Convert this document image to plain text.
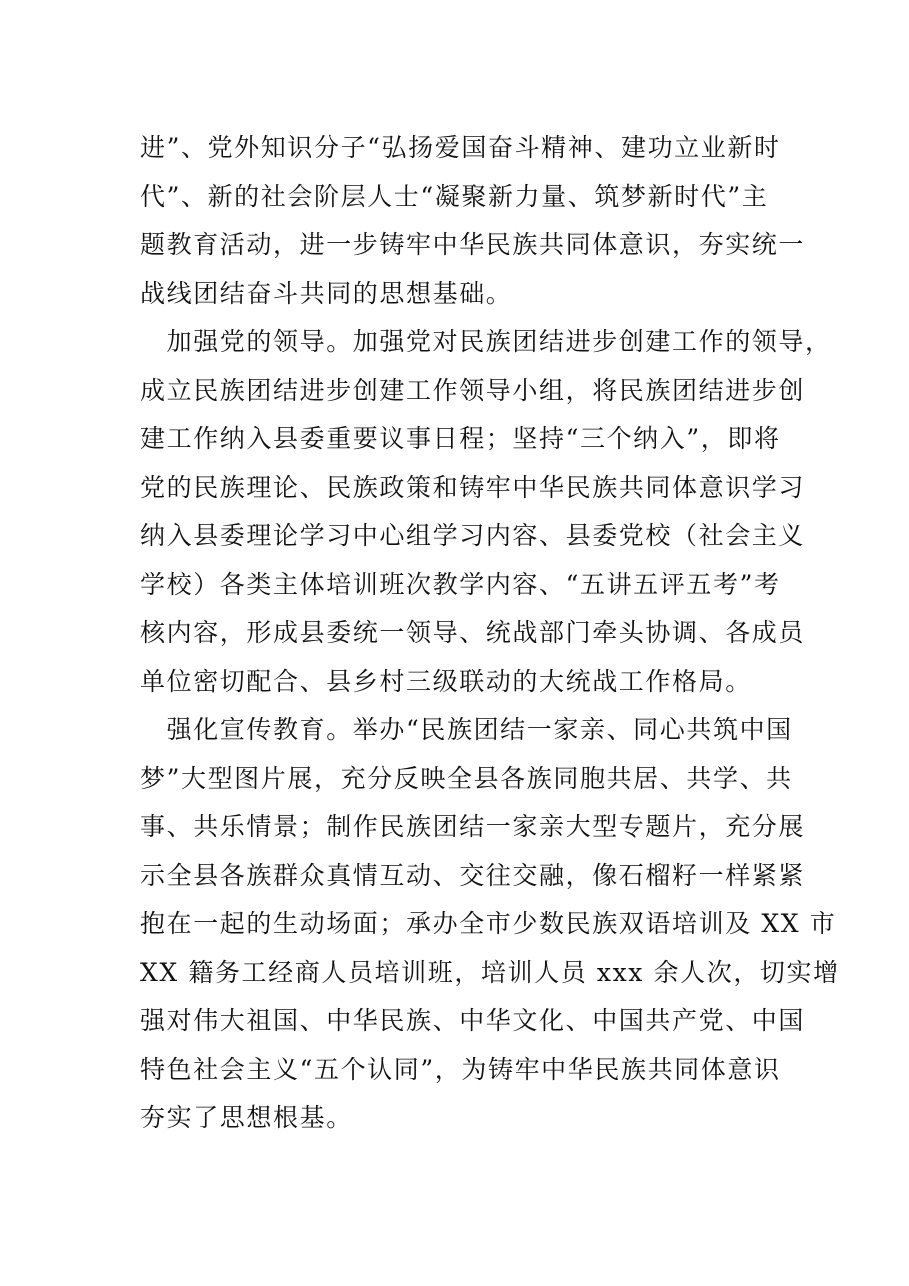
进”、党外知识分子“弘扬爱国奋斗精神、建功立业新时
代”、新的社会阶层人士“凝聚新力量、筑梦新时代”主
题教育活动，进一步铸牢中华民族共同体意识，夯实统一
战线团结奋斗共同的思想基础。
　加强党的领导。加强党对民族团结进步创建工作的领导，
成立民族团结进步创建工作领导小组，将民族团结进步创
建工作纳入县委重要议事日程；坚持“三个纳入”，即将
党的民族理论、民族政策和铸牢中华民族共同体意识学习
纳入县委理论学习中心组学习内容、县委党校（社会主义
学校）各类主体培训班次教学内容、“五讲五评五考”考
核内容，形成县委统一领导、统战部门牵头协调、各成员
单位密切配合、县乡村三级联动的大统战工作格局。
　强化宣传教育。举办“民族团结一家亲、同心共筑中国
梦”大型图片展，充分反映全县各族同胞共居、共学、共
事、共乐情景；制作民族团结一家亲大型专题片，充分展
示全县各族群众真情互动、交往交融，像石榴籽一样紧紧
抱在一起的生动场面；承办全市少数民族双语培训及 XX 市
XX 籍务工经商人员培训班，培训人员 xxx 余人次，切实增
强对伟大祖国、中华民族、中华文化、中国共产党、中国
特色社会主义“五个认同”，为铸牢中华民族共同体意识
夯实了思想根基。
